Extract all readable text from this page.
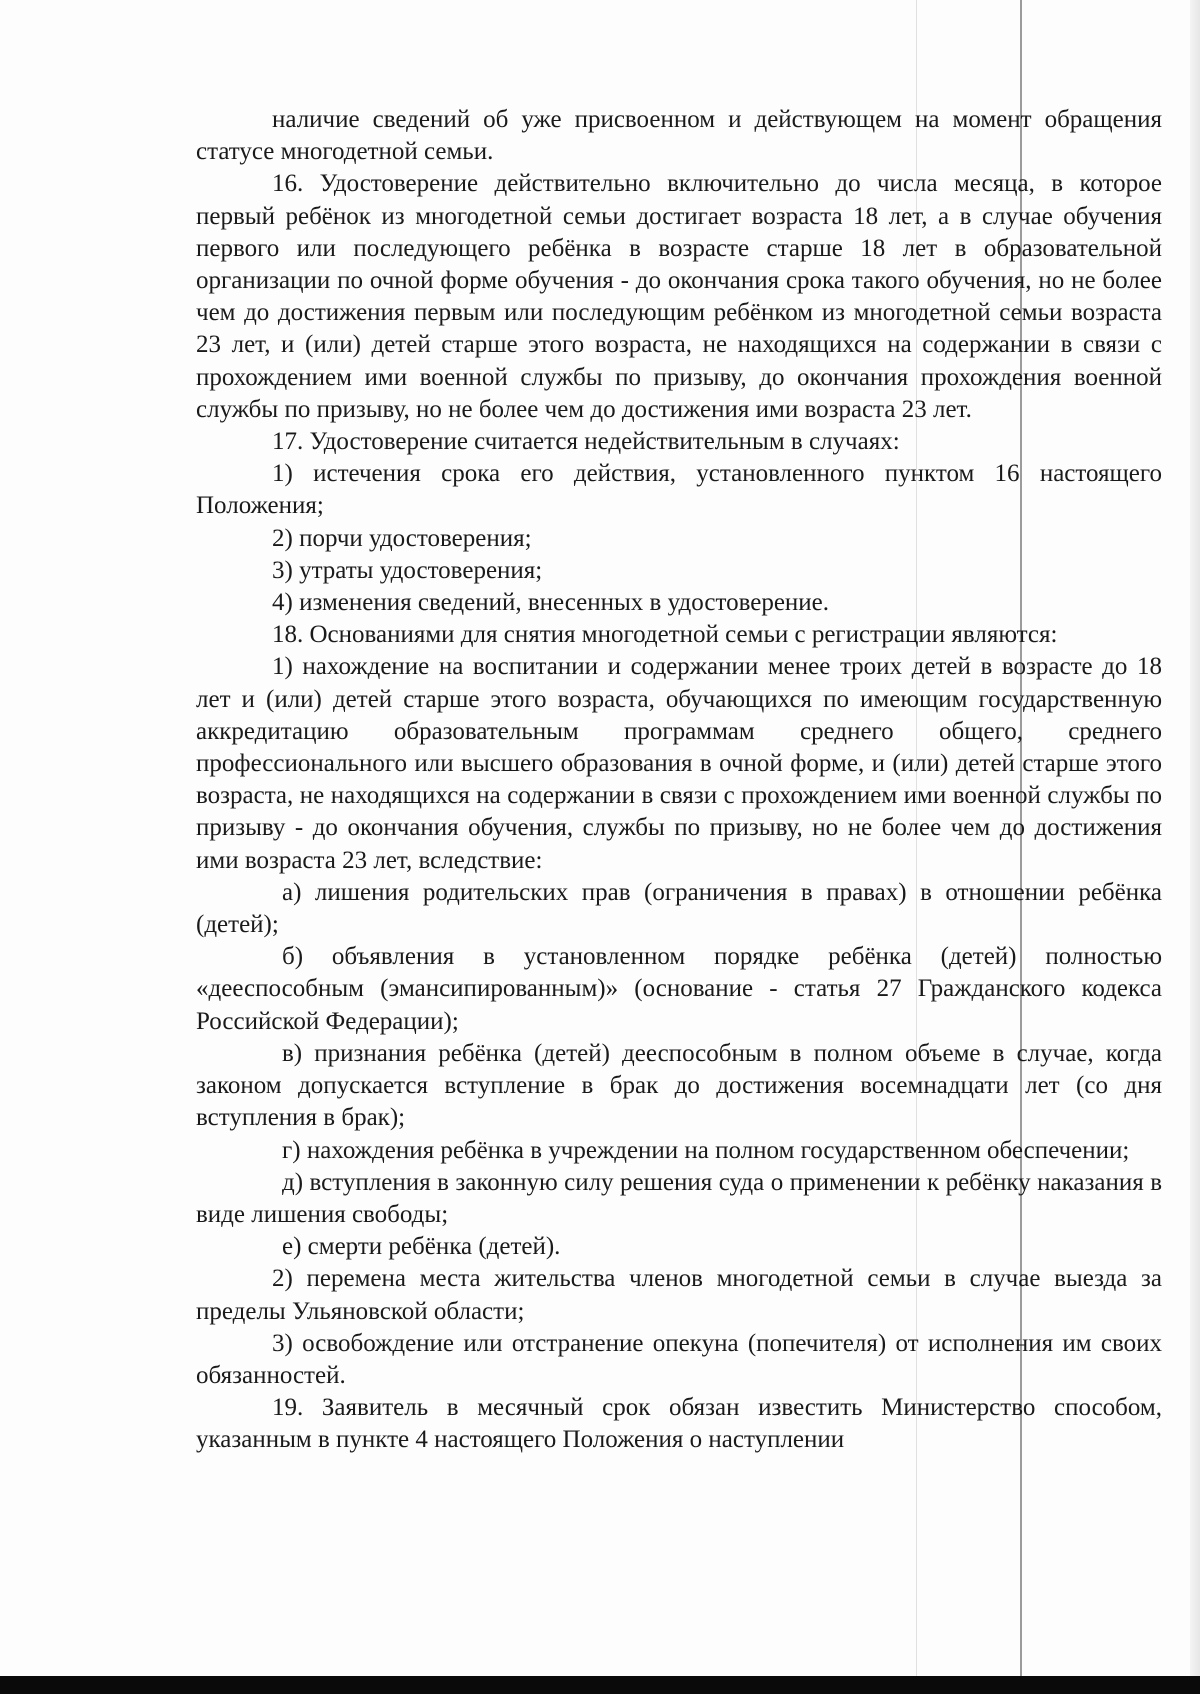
наличие сведений об уже присвоенном и действующем на момент обращения статусе многодетной семьи.

16. Удостоверение действительно включительно до числа месяца, в которое первый ребёнок из многодетной семьи достигает возраста 18 лет, а в случае обучения первого или последующего ребёнка в возрасте старше 18 лет в образовательной организации по очной форме обучения - до окончания срока такого обучения, но не более чем до достижения первым или последующим ребёнком из многодетной семьи возраста 23 лет, и (или) детей старше этого возраста, не находящихся на содержании в связи с прохождением ими военной службы по призыву, до окончания прохождения военной службы по призыву, но не более чем до достижения ими возраста 23 лет.

17. Удостоверение считается недействительным в случаях:

1) истечения срока его действия, установленного пунктом 16 настоящего Положения;

2) порчи удостоверения;

3) утраты удостоверения;

4) изменения сведений, внесенных в удостоверение.

18. Основаниями для снятия многодетной семьи с регистрации являются:

1) нахождение на воспитании и содержании менее троих детей в возрасте до 18 лет и (или) детей старше этого возраста, обучающихся по имеющим государственную аккредитацию образовательным программам среднего общего, среднего профессионального или высшего образования в очной форме, и (или) детей старше этого возраста, не находящихся на содержании в связи с прохождением ими военной службы по призыву - до окончания обучения, службы по призыву, но не более чем до достижения ими возраста 23 лет, вследствие:

а) лишения родительских прав (ограничения в правах) в отношении ребёнка (детей);

б) объявления в установленном порядке ребёнка (детей) полностью «дееспособным (эмансипированным)» (основание - статья 27 Гражданского кодекса Российской Федерации);

в) признания ребёнка (детей) дееспособным в полном объеме в случае, когда законом допускается вступление в брак до достижения восемнадцати лет (со дня вступления в брак);

г) нахождения ребёнка в учреждении на полном государственном обеспечении;

д) вступления в законную силу решения суда о применении к ребёнку наказания в виде лишения свободы;

е) смерти ребёнка (детей).

2) перемена места жительства членов многодетной семьи в случае выезда за пределы Ульяновской области;

3) освобождение или отстранение опекуна (попечителя) от исполнения им своих обязанностей.

19. Заявитель в месячный срок обязан известить Министерство способом, указанным в пункте 4 настоящего Положения о наступлении
